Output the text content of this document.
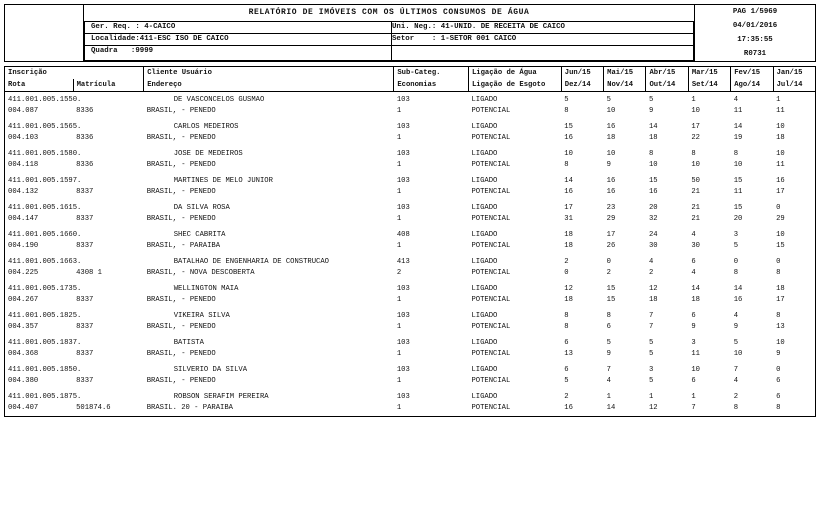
RELATÓRIO DE IMÓVEIS COM OS ÚLTIMOS CONSUMOS DE ÁGUA
Ger. Req. : 4-CAICO	Uni. Neg.: 41-UNID. DE RECEITA DE CAICO

Localidade:411-ESC ISO DE CAICO	Setor    : 1-SETOR 001 CAICO

Quadra   :9999

PAG 1/5969
04/01/2016
17:35:55
R0731
Inscrição		Cliente Usuário	Sub-Categ.	Ligação de Água	Jun/15	Mai/15	Abr/15	Mar/15	Fev/15	Jan/15
Rota	Matrícula	Endereço	Economias	Ligação de Esgoto	Dez/14	Nov/14	Out/14	Set/14	Ago/14	Jul/14
411.001.005.1550.		DE VASCONCELOS GUSMAO	103	LIGADO	5	5	5	1	4	1
004.087	8336	BRASIL, - PENEDO	1	POTENCIAL	8	10	9	10	11	11
411.001.005.1565.		CARLOS MEDEIROS	103	LIGADO	15	16	14	17	14	10
004.103	8336	BRASIL, - PENEDO	1	POTENCIAL	16	18	18	22	19	18
411.001.005.1580.		JOSE DE MEDEIROS	103	LIGADO	10	10	8	8	8	10
004.118	8336	BRASIL, - PENEDO	1	POTENCIAL	8	9	10	10	10	11
411.001.005.1597.		MARTINES DE MELO JUNIOR	103	LIGADO	14	16	15	50	15	16
004.132	8337	BRASIL, - PENEDO	1	POTENCIAL	16	16	16	21	11	17
411.001.005.1615.		DA SILVA ROSA	103	LIGADO	17	23	20	21	15	0
004.147	8337	BRASIL, - PENEDO	1	POTENCIAL	31	29	32	21	20	29
411.001.005.1660.		SHEC CABRITA	408	LIGADO	18	17	24	4	3	10
004.190	8337	BRASIL, - PARAIBA	1	POTENCIAL	18	26	30	30	5	15
411.001.005.1663.		BATALHAO DE ENGENHARIA DE CONSTRUCAO	413	LIGADO	2	0	4	6	0	0
004.225	4308 1	BRASIL, - NOVA DESCOBERTA	2	POTENCIAL	0	2	2	4	8	8
411.001.005.1735.		WELLINGTON MAIA	103	LIGADO	12	15	12	14	14	18
004.267	8337	BRASIL, - PENEDO	1	POTENCIAL	18	15	18	18	16	17
411.001.005.1825.		VIKEIRA SILVA	103	LIGADO	8	8	7	6	4	8
004.357	8337	BRASIL, - PENEDO	1	POTENCIAL	8	6	7	9	9	13
411.001.005.1837.		BATISTA	103	LIGADO	6	5	5	3	5	10
004.368	8337	BRASIL, - PENEDO	1	POTENCIAL	13	9	5	11	10	9
411.001.005.1850.		SILVERIO DA SILVA	103	LIGADO	6	7	3	10	7	0
004.380	8337	BRASIL, - PENEDO	1	POTENCIAL	5	4	5	6	4	6
411.001.005.1875.		ROBSON SERAFIM PEREIRA	103	LIGADO	2	1	1	1	2	6
004.407	501874.6	BRASIL. 20 - PARAIBA	1	POTENCIAL	16	14	12	7	8	8
